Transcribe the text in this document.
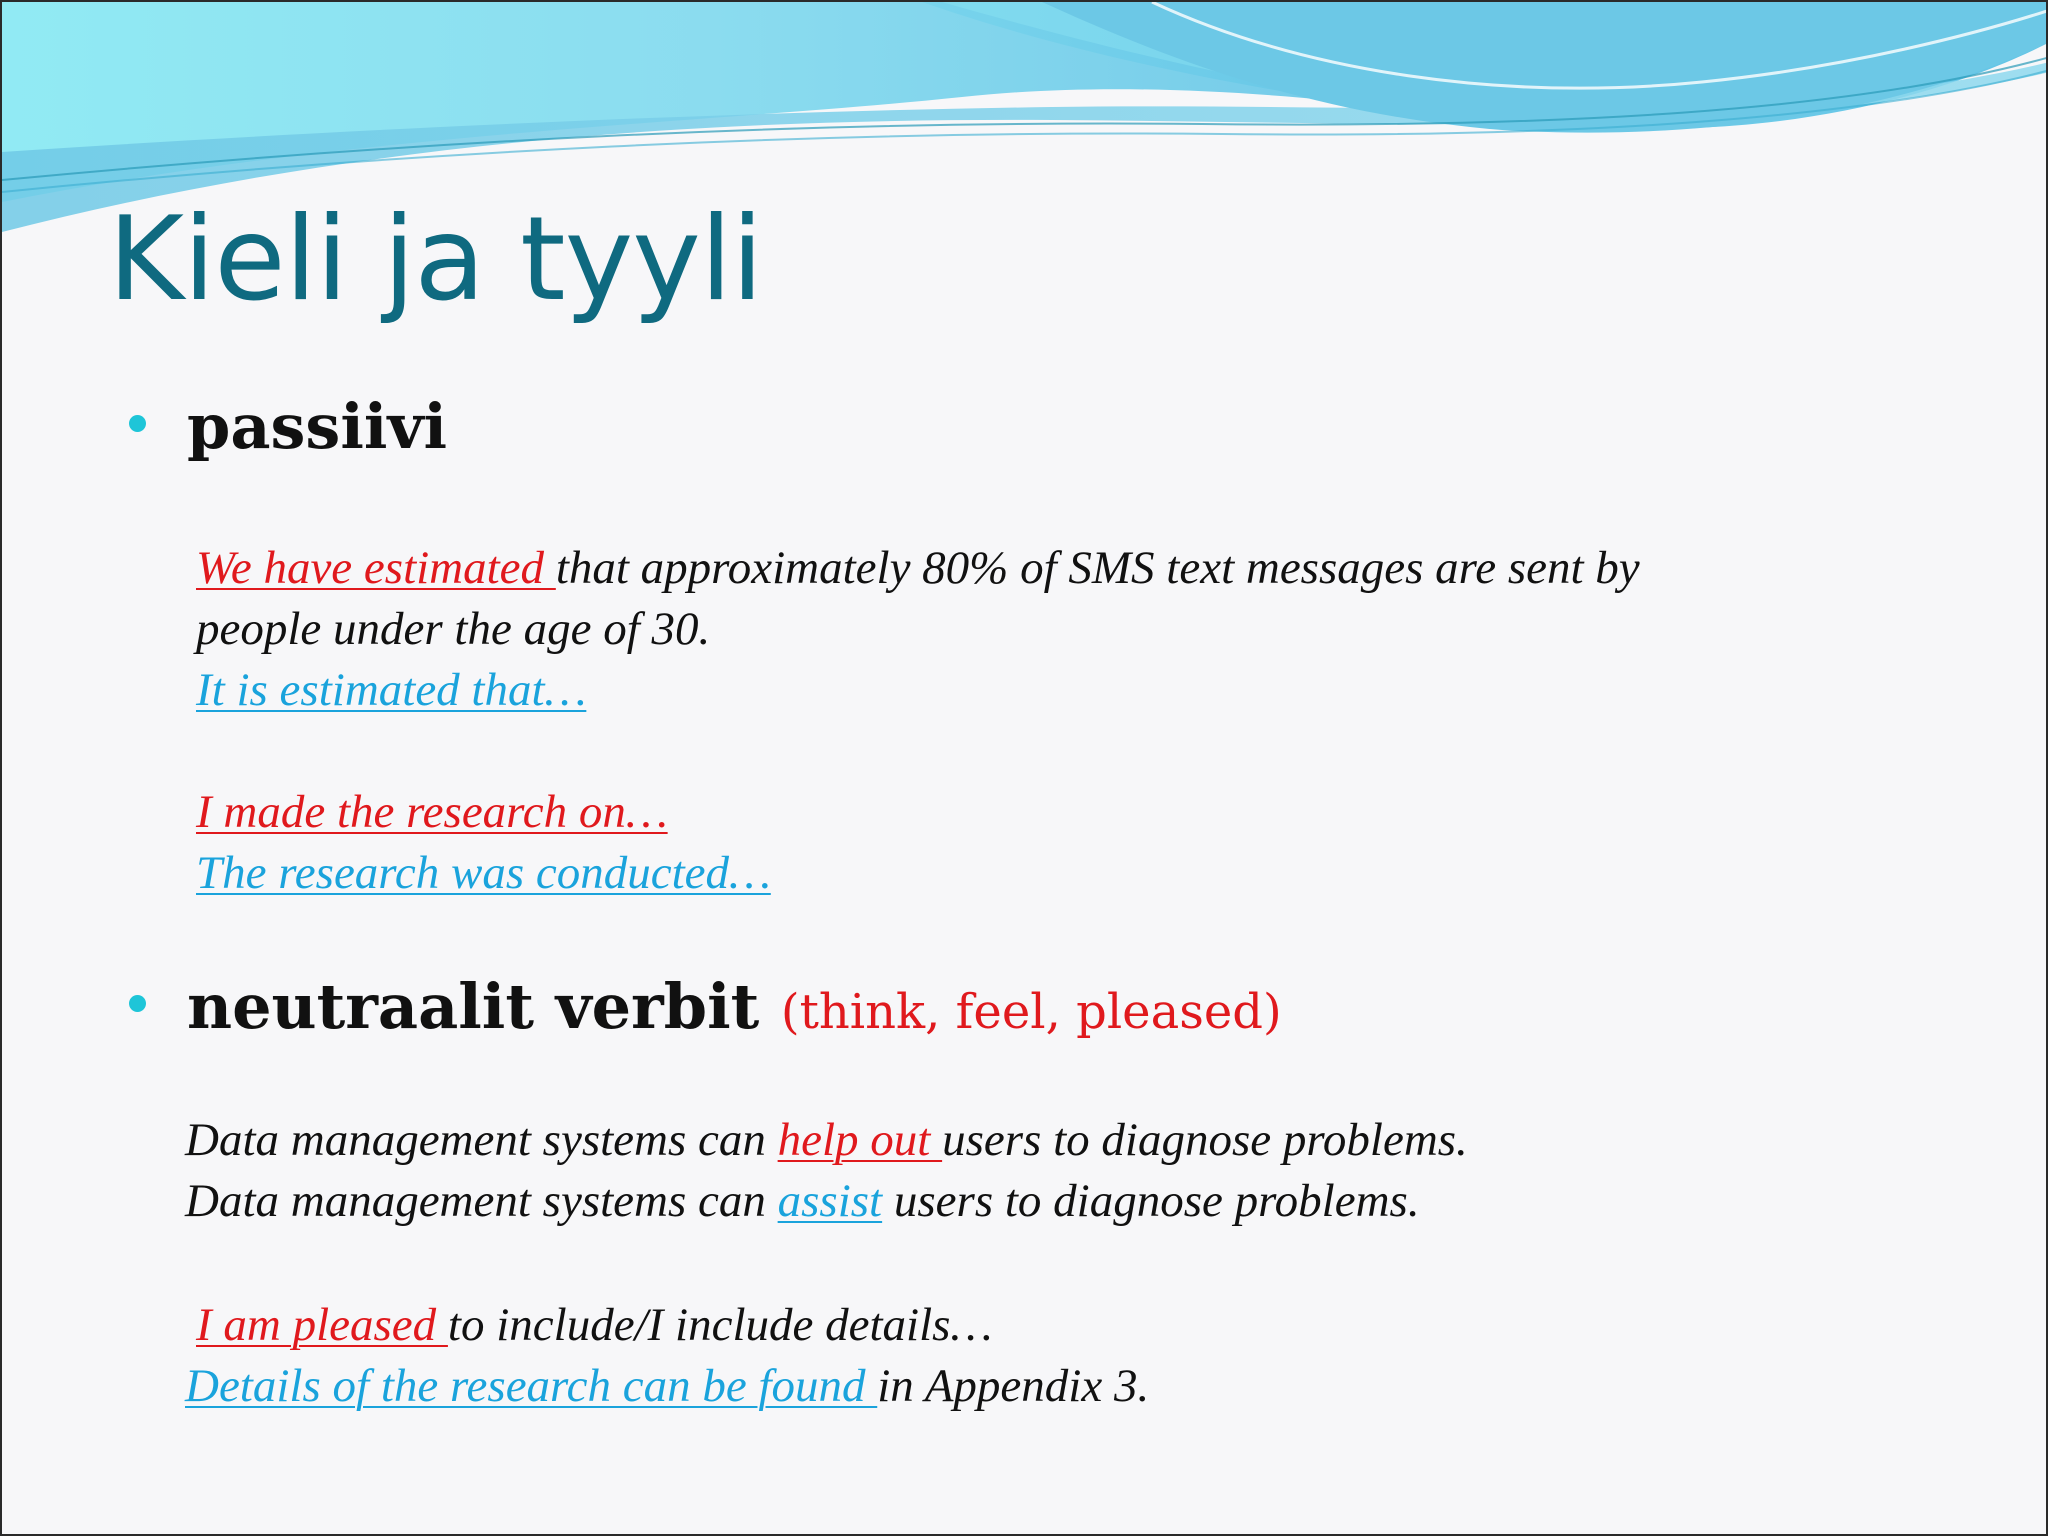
Kieli ja tyyli
passiivi

We have estimated that approximately 80% of SMS text messages are sent by

people under the age of 30.

It is estimated that…

I made the research on…

The research was conducted…

neutraalit verbit (think, feel, pleased)

Data management systems can help out users to diagnose problems.

Data management systems can assist users to diagnose problems.

I am pleased to include/I include details…

Details of the research can be found in Appendix 3.
